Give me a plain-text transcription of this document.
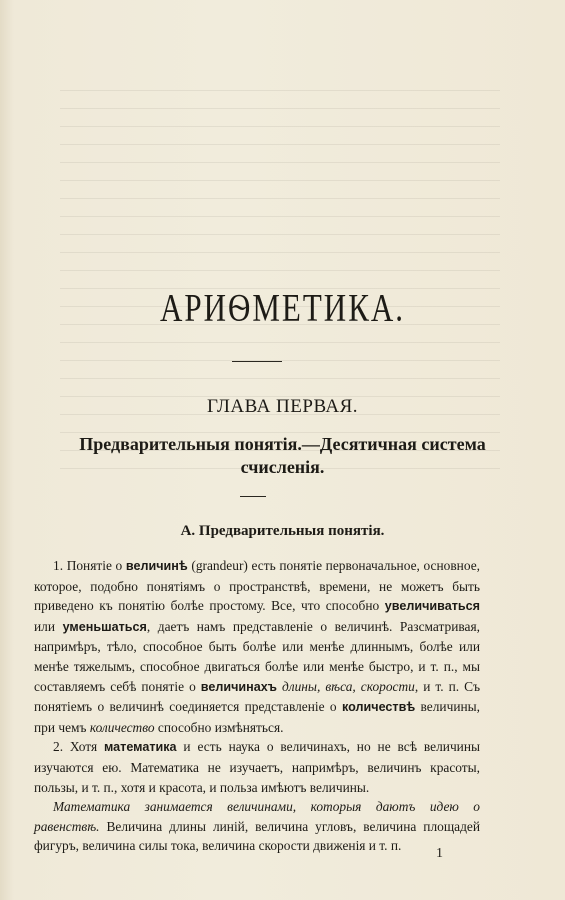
АРИѲМЕТИКА.
ГЛАВА ПЕРВАЯ.
Предварительныя понятія.—Десятичная система
счисленія.
А. Предварительныя понятія.

1. Понятіе о величинѣ (grandeur) есть понятіе первоначальное, основное, которое, подобно понятіямъ о пространствѣ, времени, не можетъ быть приведено къ понятію болѣе простому. Все, что способно увеличиваться или уменьшаться, даетъ намъ представленіе о величинѣ. Разсматривая, напримѣръ, тѣло, способное быть болѣе или менѣе длиннымъ, болѣе или менѣе тяжелымъ, способное двигаться болѣе или менѣе быстро, и т. п., мы составляемъ себѣ понятіе о величинахъ длины, вѣса, скорости, и т. п. Съ понятіемъ о величинѣ соединяется представленіе о количествѣ величины, при чемъ количество способно измѣняться.

2. Хотя математика и есть наука о величинахъ, но не всѣ величины изучаются ею. Математика не изучаетъ, напримѣръ, величинъ красоты, пользы, и т. п., хотя и красота, и польза имѣютъ величины.

Математика занимается величинами, которыя даютъ идею о равенствѣ. Величина длины линій, величина угловъ, величина площадей фигуръ, величина силы тока, величина скорости движенія и т. п.

1
